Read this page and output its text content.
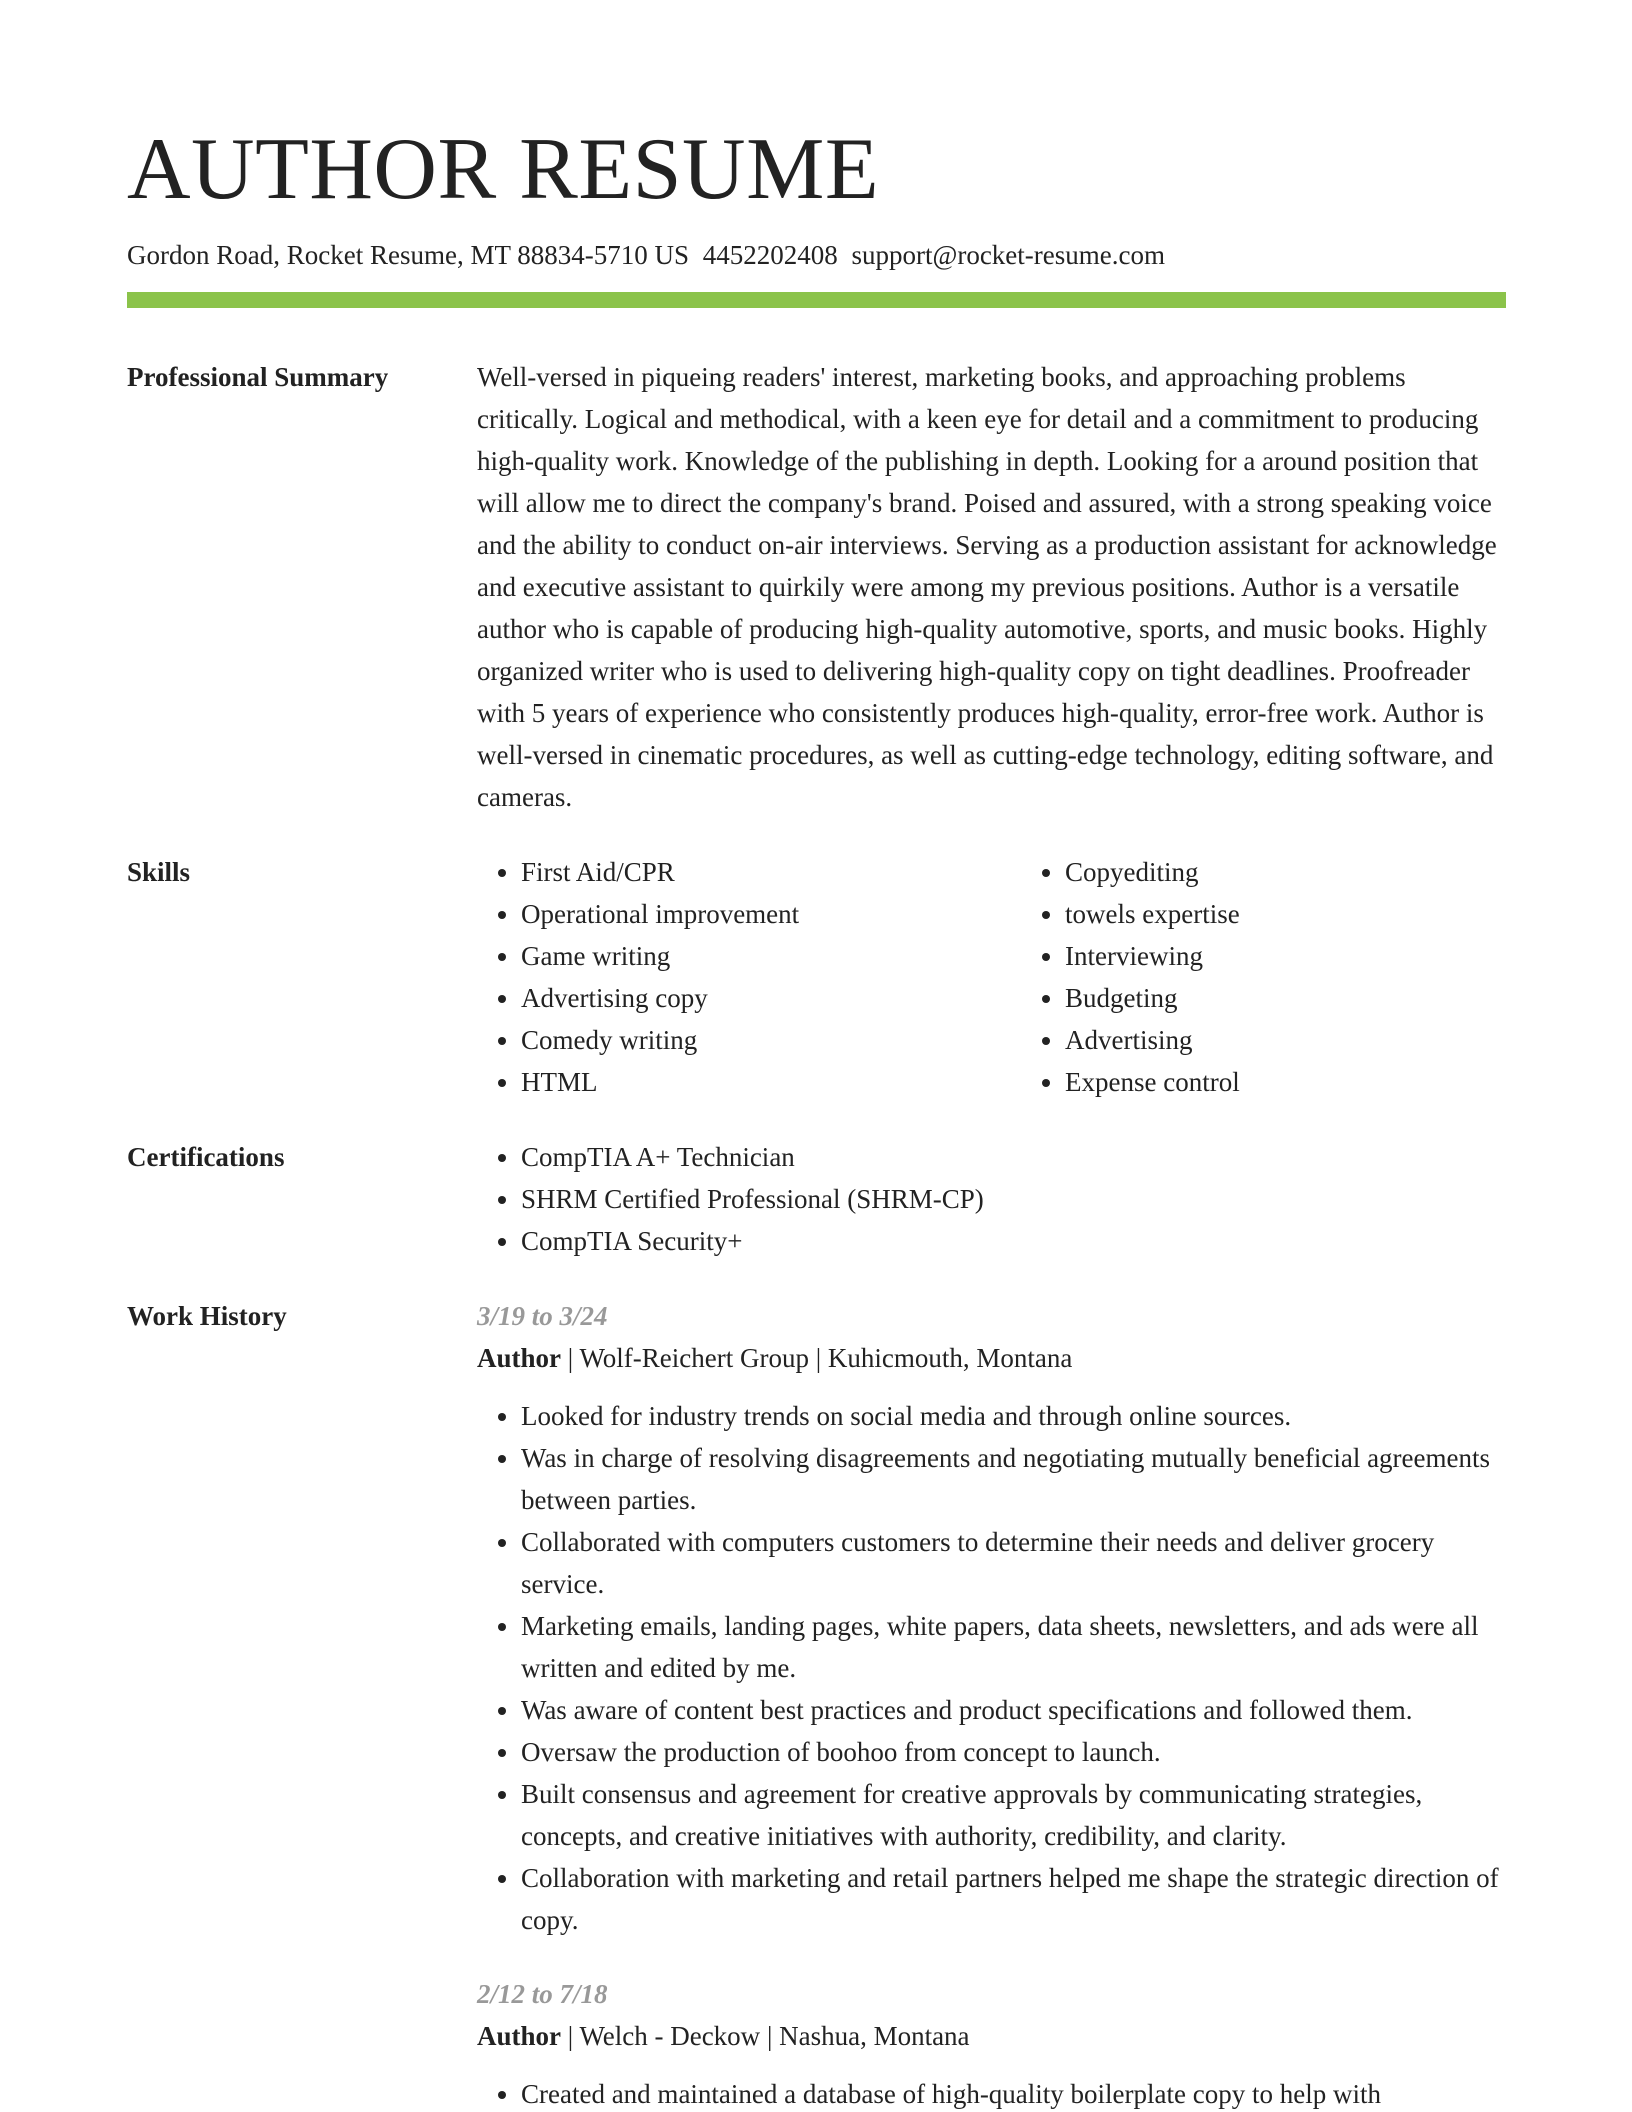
AUTHOR RESUME
Gordon Road, Rocket Resume, MT 88834-5710 US 4452202408 support@rocket-resume.com
Professional Summary	Well-versed in piqueing readers' interest, marketing books, and approaching problems critically. Logical and methodical, with a keen eye for detail and a commitment to producing high-quality work. Knowledge of the publishing in depth. Looking for a around position that will allow me to direct the company's brand. Poised and assured, with a strong speaking voice and the ability to conduct on-air interviews. Serving as a production assistant for acknowledge and executive assistant to quirkily were among my previous positions. Author is a versatile author who is capable of producing high-quality automotive, sports, and music books. Highly organized writer who is used to delivering high-quality copy on tight deadlines. Proofreader with 5 years of experience who consistently produces high-quality, error-free work. Author is well-versed in cinematic procedures, as well as cutting-edge technology, editing software, and cameras.
Skills	• First Aid/CPR
• Operational improvement
• Game writing
• Advertising copy
• Comedy writing
• HTML
• Copyediting
• towels expertise
• Interviewing
• Budgeting
• Advertising
• Expense control
Certifications	• CompTIA A+ Technician
• SHRM Certified Professional (SHRM-CP)
• CompTIA Security+
Work History	3/19 to 3/24
Author | Wolf-Reichert Group | Kuhicmouth, Montana
• Looked for industry trends on social media and through online sources.
• Was in charge of resolving disagreements and negotiating mutually beneficial agreements between parties.
• Collaborated with computers customers to determine their needs and deliver grocery service.
• Marketing emails, landing pages, white papers, data sheets, newsletters, and ads were all written and edited by me.
• Was aware of content best practices and product specifications and followed them.
• Oversaw the production of boohoo from concept to launch.
• Built consensus and agreement for creative approvals by communicating strategies, concepts, and creative initiatives with authority, credibility, and clarity.
• Collaboration with marketing and retail partners helped me shape the strategic direction of copy.
2/12 to 7/18
Author | Welch - Deckow | Nashua, Montana
• Created and maintained a database of high-quality boilerplate copy to help with
